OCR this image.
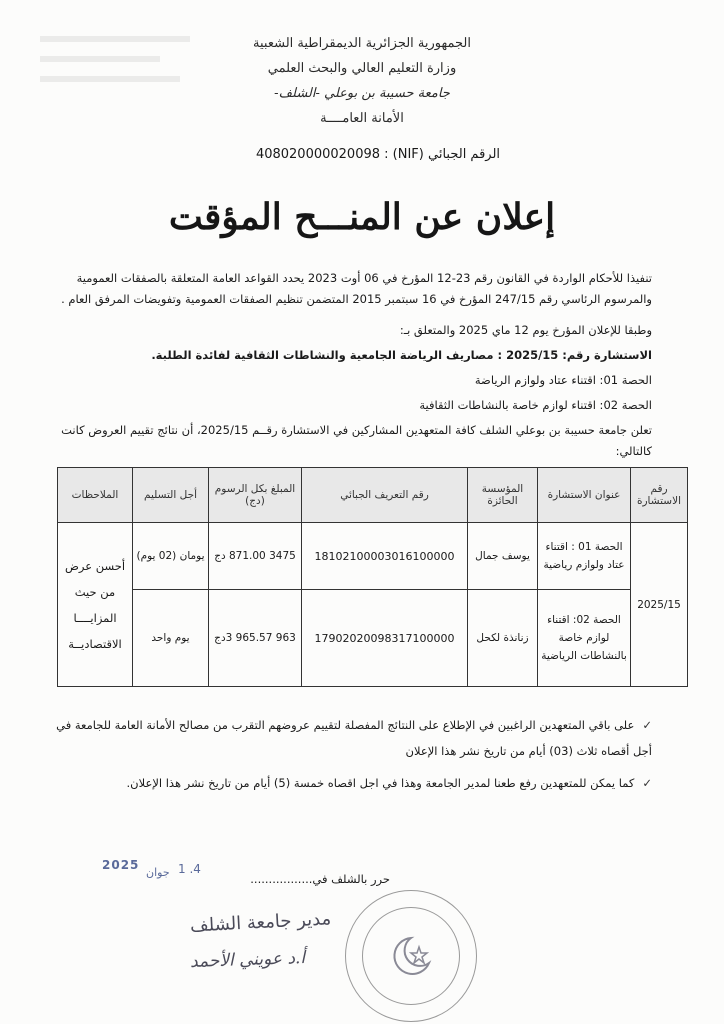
الجمهورية الجزائرية الديمقراطية الشعبية
وزارة التعليم العالي والبحث العلمي
جامعة حسيبة بن بوعلي -الشلف-
الأمانة العامــــة
الرقم الجبائي (NIF) : 408020000020098
إعلان عن المنـــح المؤقت
تنفيذا للأحكام الواردة في القانون رقم 23-12 المؤرخ في 06 أوت 2023 يحدد القواعد العامة المتعلقة بالصفقات العمومية والمرسوم الرئاسي رقم 247/15 المؤرخ في 16 سبتمبر 2015 المتضمن تنظيم الصفقات العمومية وتفويضات المرفق العام .
وطبقا للإعلان المؤرخ يوم 12 ماي 2025 والمتعلق بـ:
الاستشارة رقم: 2025/15 : مصاريف الرياضة الجامعية والنشاطات الثقافية لفائدة الطلبة.
الحصة 01: اقتناء عتاد ولوازم الرياضة
الحصة 02: اقتناء لوازم خاصة بالنشاطات الثقافية
تعلن جامعة حسيبة بن بوعلي الشلف كافة المتعهدين المشاركين في الاستشارة رقــم 2025/15، أن نتائج تقييم العروض كانت كالتالي:
رقم الاستشارة	عنوان الاستشارة	المؤسسة الحائزة	رقم التعريف الجبائي	المبلغ بكل الرسوم (دج)	أجل التسليم	الملاحظات
2025/15	الحصة 01 : اقتناء عتاد ولوازم رياضية	يوسف جمال	18102100003016100000	3475 871.00 دج	يومان (02 يوم)	أحسن عرض من حيث المزايــــا الاقتصاديــة
	الحصة 02: اقتناء لوازم خاصة بالنشاطات الرياضية	زنانذة لكحل	17902020098317100000	963 965.57 3دج	يوم واحد	
✓على باقي المتعهدين الراغبين في الإطلاع على النتائج المفصلة لتقييم عروضهم التقرب من مصالح الأمانة العامة للجامعة في أجل أقصاه ثلاث (03) أيام من تاريخ نشر هذا الإعلان
✓كما يمكن للمتعهدين رفع طعنا لمدير الجامعة وهذا في اجل اقصاه خمسة (5) أيام من تاريخ نشر هذا الإعلان.
2025
جوان 1 .4
حرر بالشلف في.................
مدير جامعة الشلف
أ.د عويني الأحمد
